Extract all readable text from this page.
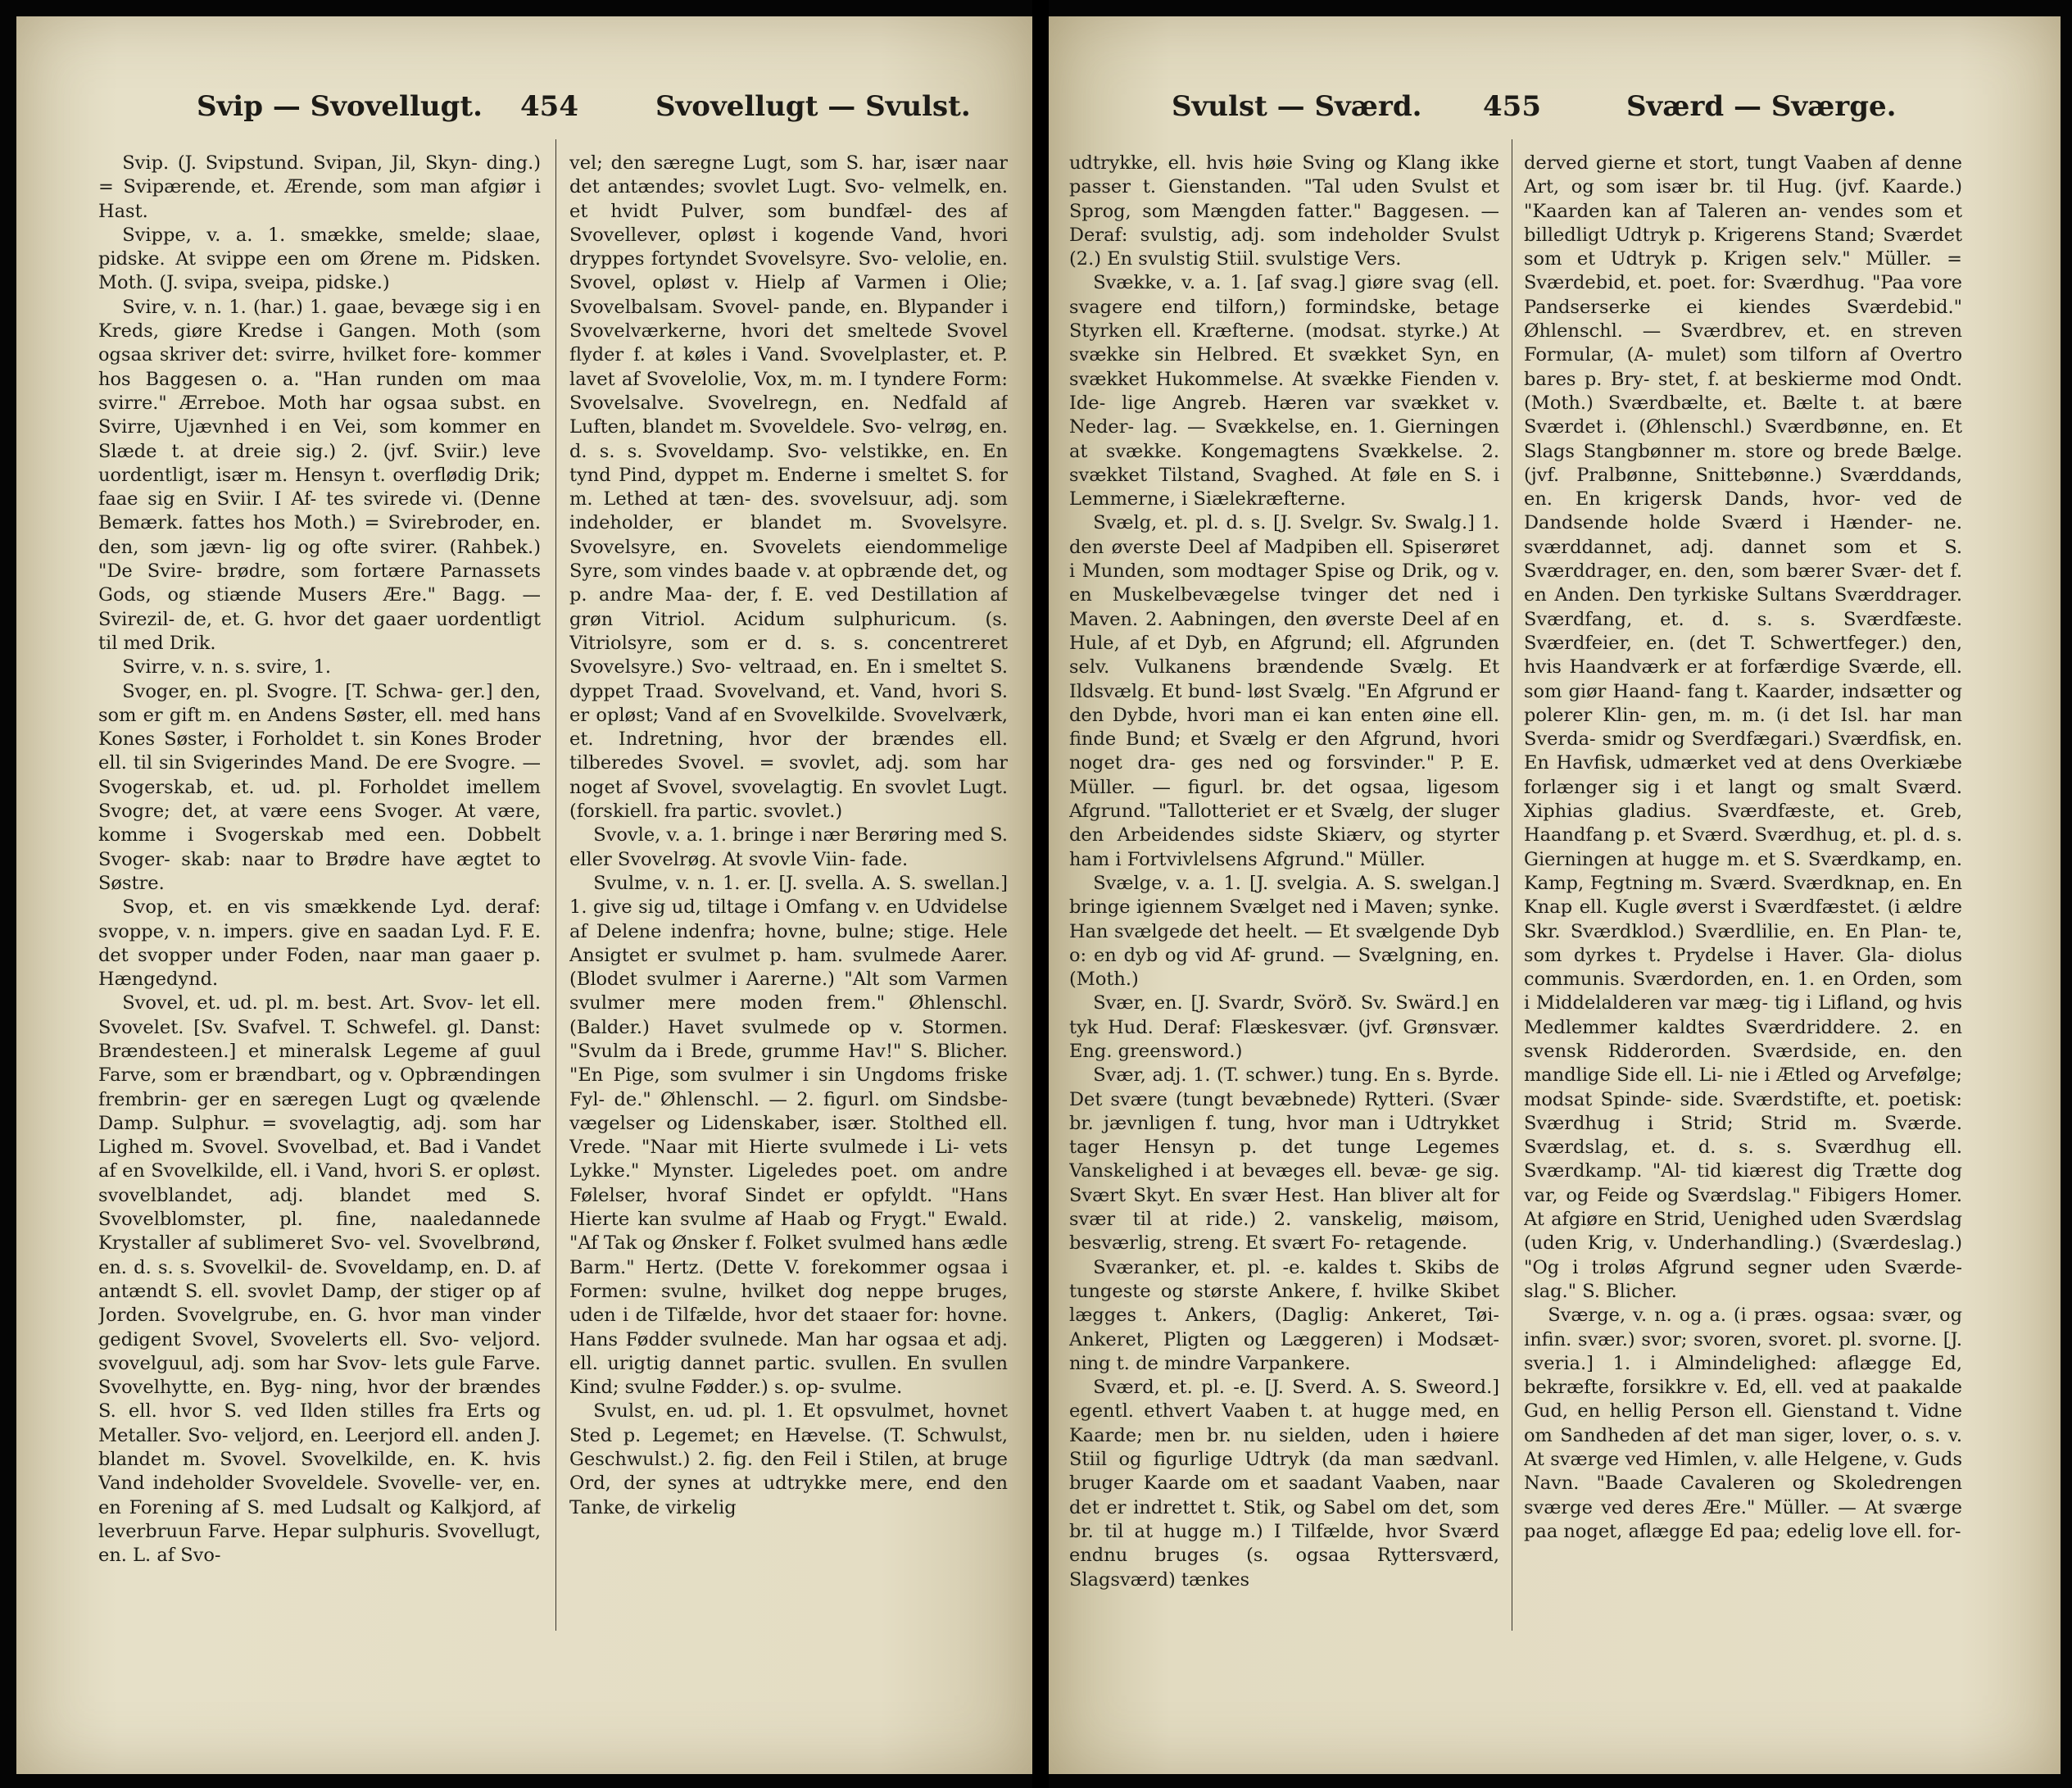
Svip — Svovellugt. 454	Svovellugt — Svulst.

Svip. (J. Svipstund. Svipan, Jil, Skyn- ding.) = Svipærende, et. Ærende, som man afgiør i Hast.

Svippe, v. a. 1. smække, smelde; slaae, pidske. At svippe een om Ørene m. Pidsken. Moth. (J. svipa, sveipa, pidske.)

Svire, v. n. 1. (har.) 1. gaae, bevæge sig i en Kreds, giøre Kredse i Gangen. Moth (som ogsaa skriver det: svirre, hvilket fore- kommer hos Baggesen o. a. "Han runden om maa svirre." Ærreboe. Moth har ogsaa subst. en Svirre, Ujævnhed i en Vei, som kommer en Slæde t. at dreie sig.) 2. (jvf. Sviir.) leve uordentligt, især m. Hensyn t. overflødig Drik; faae sig en Sviir. I Af- tes svirede vi. (Denne Bemærk. fattes hos Moth.) = Svirebroder, en. den, som jævn- lig og ofte svirer. (Rahbek.) "De Svire- brødre, som fortære Parnassets Gods, og stiænde Musers Ære." Bagg. — Svirezil- de, et. G. hvor det gaaer uordentligt til med Drik.

Svirre, v. n. s. svire, 1.

Svoger, en. pl. Svogre. [T. Schwa- ger.] den, som er gift m. en Andens Søster, ell. med hans Kones Søster, i Forholdet t. sin Kones Broder ell. til sin Svigerindes Mand. De ere Svogre. — Svogerskab, et. ud. pl. Forholdet imellem Svogre; det, at være eens Svoger. At være, komme i Svogerskab med een. Dobbelt Svoger- skab: naar to Brødre have ægtet to Søstre.

Svop, et. en vis smækkende Lyd. deraf: svoppe, v. n. impers. give en saadan Lyd. F. E. det svopper under Foden, naar man gaaer p. Hængedynd.

Svovel, et. ud. pl. m. best. Art. Svov- let ell. Svovelet. [Sv. Svafvel. T. Schwefel. gl. Danst: Brændesteen.] et mineralsk Legeme af guul Farve, som er brændbart, og v. Opbrændingen frembrin- ger en særegen Lugt og qvælende Damp. Sulphur. = svovelagtig, adj. som har Lighed m. Svovel. Svovelbad, et. Bad i Vandet af en Svovelkilde, ell. i Vand, hvori S. er opløst. svovelblandet, adj. blandet med S. Svovelblomster, pl. fine, naaledannede Krystaller af sublimeret Svo- vel. Svovelbrønd, en. d. s. s. Svovelkil- de. Svoveldamp, en. D. af antændt S. ell. svovlet Damp, der stiger op af Jorden. Svovelgrube, en. G. hvor man vinder gedigent Svovel, Svovelerts ell. Svo- veljord. svovelguul, adj. som har Svov- lets gule Farve. Svovelhytte, en. Byg- ning, hvor der brændes S. ell. hvor S. ved Ilden stilles fra Erts og Metaller. Svo- veljord, en. Leerjord ell. anden J. blandet m. Svovel. Svovelkilde, en. K. hvis Vand indeholder Svoveldele. Svovelle- ver, en. en Forening af S. med Ludsalt og Kalkjord, af leverbruun Farve. Hepar sulphuris. Svovellugt, en. L. af Svo-

vel; den særegne Lugt, som S. har, især naar det antændes; svovlet Lugt. Svo- velmelk, en. et hvidt Pulver, som bundfæl- des af Svovellever, opløst i kogende Vand, hvori dryppes fortyndet Svovelsyre. Svo- velolie, en. Svovel, opløst v. Hielp af Varmen i Olie; Svovelbalsam. Svovel- pande, en. Blypander i Svovelværkerne, hvori det smeltede Svovel flyder f. at køles i Vand. Svovelplaster, et. P. lavet af Svovelolie, Vox, m. m. I tyndere Form: Svovelsalve. Svovelregn, en. Nedfald af Luften, blandet m. Svoveldele. Svo- velrøg, en. d. s. s. Svoveldamp. Svo- velstikke, en. En tynd Pind, dyppet m. Enderne i smeltet S. for m. Lethed at tæn- des. svovelsuur, adj. som indeholder, er blandet m. Svovelsyre. Svovelsyre, en. Svovelets eiendommelige Syre, som vindes baade v. at opbrænde det, og p. andre Maa- der, f. E. ved Destillation af grøn Vitriol. Acidum sulphuricum. (s. Vitriolsyre, som er d. s. s. concentreret Svovelsyre.) Svo- veltraad, en. En i smeltet S. dyppet Traad. Svovelvand, et. Vand, hvori S. er opløst; Vand af en Svovelkilde. Svovelværk, et. Indretning, hvor der brændes ell. tilberedes Svovel. = svovlet, adj. som har noget af Svovel, svovelagtig. En svovlet Lugt. (forskiell. fra partic. svovlet.)

Svovle, v. a. 1. bringe i nær Berøring med S. eller Svovelrøg. At svovle Viin- fade.

Svulme, v. n. 1. er. [J. svella. A. S. swellan.] 1. give sig ud, tiltage i Omfang v. en Udvidelse af Delene indenfra; hovne, bulne; stige. Hele Ansigtet er svulmet p. ham. svulmede Aarer. (Blodet svulmer i Aarerne.) "Alt som Varmen svulmer mere moden frem." Øhlenschl. (Balder.) Havet svulmede op v. Stormen. "Svulm da i Brede, grumme Hav!" S. Blicher. "En Pige, som svulmer i sin Ungdoms friske Fyl- de." Øhlenschl. — 2. figurl. om Sindsbe- vægelser og Lidenskaber, især. Stolthed ell. Vrede. "Naar mit Hierte svulmede i Li- vets Lykke." Mynster. Ligeledes poet. om andre Følelser, hvoraf Sindet er opfyldt. "Hans Hierte kan svulme af Haab og Frygt." Ewald. "Af Tak og Ønsker f. Folket svulmed hans ædle Barm." Hertz. (Dette V. forekommer ogsaa i Formen: svulne, hvilket dog neppe bruges, uden i de Tilfælde, hvor det staaer for: hovne. Hans Fødder svulnede. Man har ogsaa et adj. ell. urigtig dannet partic. svullen. En svullen Kind; svulne Fødder.) s. op- svulme.

Svulst, en. ud. pl. 1. Et opsvulmet, hovnet Sted p. Legemet; en Hævelse. (T. Schwulst, Geschwulst.) 2. fig. den Feil i Stilen, at bruge Ord, der synes at udtrykke mere, end den Tanke, de virkelig

Svulst — Sværd. 455	Sværd — Sværge.

udtrykke, ell. hvis høie Sving og Klang ikke passer t. Gienstanden. "Tal uden Svulst et Sprog, som Mængden fatter." Baggesen. — Deraf: svulstig, adj. som indeholder Svulst (2.) En svulstig Stiil. svulstige Vers.

Svække, v. a. 1. [af svag.] giøre svag (ell. svagere end tilforn,) formindske, betage Styrken ell. Kræfterne. (modsat. styrke.) At svække sin Helbred. Et svækket Syn, en svækket Hukommelse. At svække Fienden v. Ide- lige Angreb. Hæren var svækket v. Neder- lag. — Svækkelse, en. 1. Gierningen at svække. Kongemagtens Svækkelse. 2. svækket Tilstand, Svaghed. At føle en S. i Lemmerne, i Siælekræfterne.

Svælg, et. pl. d. s. [J. Svelgr. Sv. Swalg.] 1. den øverste Deel af Madpiben ell. Spiserøret i Munden, som modtager Spise og Drik, og v. en Muskelbevægelse tvinger det ned i Maven. 2. Aabningen, den øverste Deel af en Hule, af et Dyb, en Afgrund; ell. Afgrunden selv. Vulkanens brændende Svælg. Et Ildsvælg. Et bund- løst Svælg. "En Afgrund er den Dybde, hvori man ei kan enten øine ell. finde Bund; et Svælg er den Afgrund, hvori noget dra- ges ned og forsvinder." P. E. Müller. — figurl. br. det ogsaa, ligesom Afgrund. "Tallotteriet er et Svælg, der sluger den Arbeidendes sidste Skiærv, og styrter ham i Fortvivlelsens Afgrund." Müller.

Svælge, v. a. 1. [J. svelgia. A. S. swelgan.] bringe igiennem Svælget ned i Maven; synke. Han svælgede det heelt. — Et svælgende Dyb o: en dyb og vid Af- grund. — Svælgning, en. (Moth.)

Svær, en. [J. Svardr, Svörð. Sv. Swärd.] en tyk Hud. Deraf: Flæskesvær. (jvf. Grønsvær. Eng. greensword.)

Svær, adj. 1. (T. schwer.) tung. En s. Byrde. Det svære (tungt bevæbnede) Rytteri. (Svær br. jævnligen f. tung, hvor man i Udtrykket tager Hensyn p. det tunge Legemes Vanskelighed i at bevæges ell. bevæ- ge sig. Svært Skyt. En svær Hest. Han bliver alt for svær til at ride.) 2. vanskelig, møisom, besværlig, streng. Et svært Fo- retagende.

Sværanker, et. pl. -e. kaldes t. Skibs de tungeste og største Ankere, f. hvilke Skibet lægges t. Ankers, (Daglig: Ankeret, Tøi- Ankeret, Pligten og Læggeren) i Modsæt- ning t. de mindre Varpankere.

Sværd, et. pl. -e. [J. Sverd. A. S. Sweord.] egentl. ethvert Vaaben t. at hugge med, en Kaarde; men br. nu sielden, uden i høiere Stiil og figurlige Udtryk (da man sædvanl. bruger Kaarde om et saadant Vaaben, naar det er indrettet t. Stik, og Sabel om det, som br. til at hugge m.) I Tilfælde, hvor Sværd endnu bruges (s. ogsaa Ryttersværd, Slagsværd) tænkes

derved gierne et stort, tungt Vaaben af denne Art, og som især br. til Hug. (jvf. Kaarde.) "Kaarden kan af Taleren an- vendes som et billedligt Udtryk p. Krigerens Stand; Sværdet som et Udtryk p. Krigen selv." Müller. = Sværdebid, et. poet. for: Sværdhug. "Paa vore Pandserserke ei kiendes Sværdebid." Øhlenschl. — Sværdbrev, et. en streven Formular, (A- mulet) som tilforn af Overtro bares p. Bry- stet, f. at beskierme mod Ondt. (Moth.) Sværdbælte, et. Bælte t. at bære Sværdet i. (Øhlenschl.) Sværdbønne, en. Et Slags Stangbønner m. store og brede Bælge. (jvf. Pralbønne, Snittebønne.) Sværddands, en. En krigersk Dands, hvor- ved de Dandsende holde Sværd i Hænder- ne. sværddannet, adj. dannet som et S. Sværddrager, en. den, som bærer Svær- det f. en Anden. Den tyrkiske Sultans Sværddrager. Sværdfang, et. d. s. s. Sværdfæste. Sværdfeier, en. (det T. Schwertfeger.) den, hvis Haandværk er at forfærdige Sværde, ell. som giør Haand- fang t. Kaarder, indsætter og polerer Klin- gen, m. m. (i det Isl. har man Sverda- smidr og Sverdfægari.) Sværdfisk, en. En Havfisk, udmærket ved at dens Overkiæbe forlænger sig i et langt og smalt Sværd. Xiphias gladius. Sværdfæste, et. Greb, Haandfang p. et Sværd. Sværdhug, et. pl. d. s. Gierningen at hugge m. et S. Sværdkamp, en. Kamp, Fegtning m. Sværd. Sværdknap, en. En Knap ell. Kugle øverst i Sværdfæstet. (i ældre Skr. Sværdklod.) Sværdlilie, en. En Plan- te, som dyrkes t. Prydelse i Haver. Gla- diolus communis. Sværdorden, en. 1. en Orden, som i Middelalderen var mæg- tig i Lifland, og hvis Medlemmer kaldtes Sværdriddere. 2. en svensk Ridderorden. Sværdside, en. den mandlige Side ell. Li- nie i Ætled og Arvefølge; modsat Spinde- side. Sværdstifte, et. poetisk: Sværdhug i Strid; Strid m. Sværde. Sværdslag, et. d. s. s. Sværdhug ell. Sværdkamp. "Al- tid kiærest dig Trætte dog var, og Feide og Sværdslag." Fibigers Homer. At afgiøre en Strid, Uenighed uden Sværdslag (uden Krig, v. Underhandling.) (Sværdeslag.) "Og i troløs Afgrund segner uden Sværde- slag." S. Blicher.

Sværge, v. n. og a. (i præs. ogsaa: svær, og infin. svær.) svor; svoren, svoret. pl. svorne. [J. sveria.] 1. i Almindelighed: aflægge Ed, bekræfte, forsikkre v. Ed, ell. ved at paakalde Gud, en hellig Person ell. Gienstand t. Vidne om Sandheden af det man siger, lover, o. s. v. At sværge ved Himlen, v. alle Helgene, v. Guds Navn. "Baade Cavaleren og Skoledrengen sværge ved deres Ære." Müller. — At sværge paa noget, aflægge Ed paa; edelig love ell. for-
